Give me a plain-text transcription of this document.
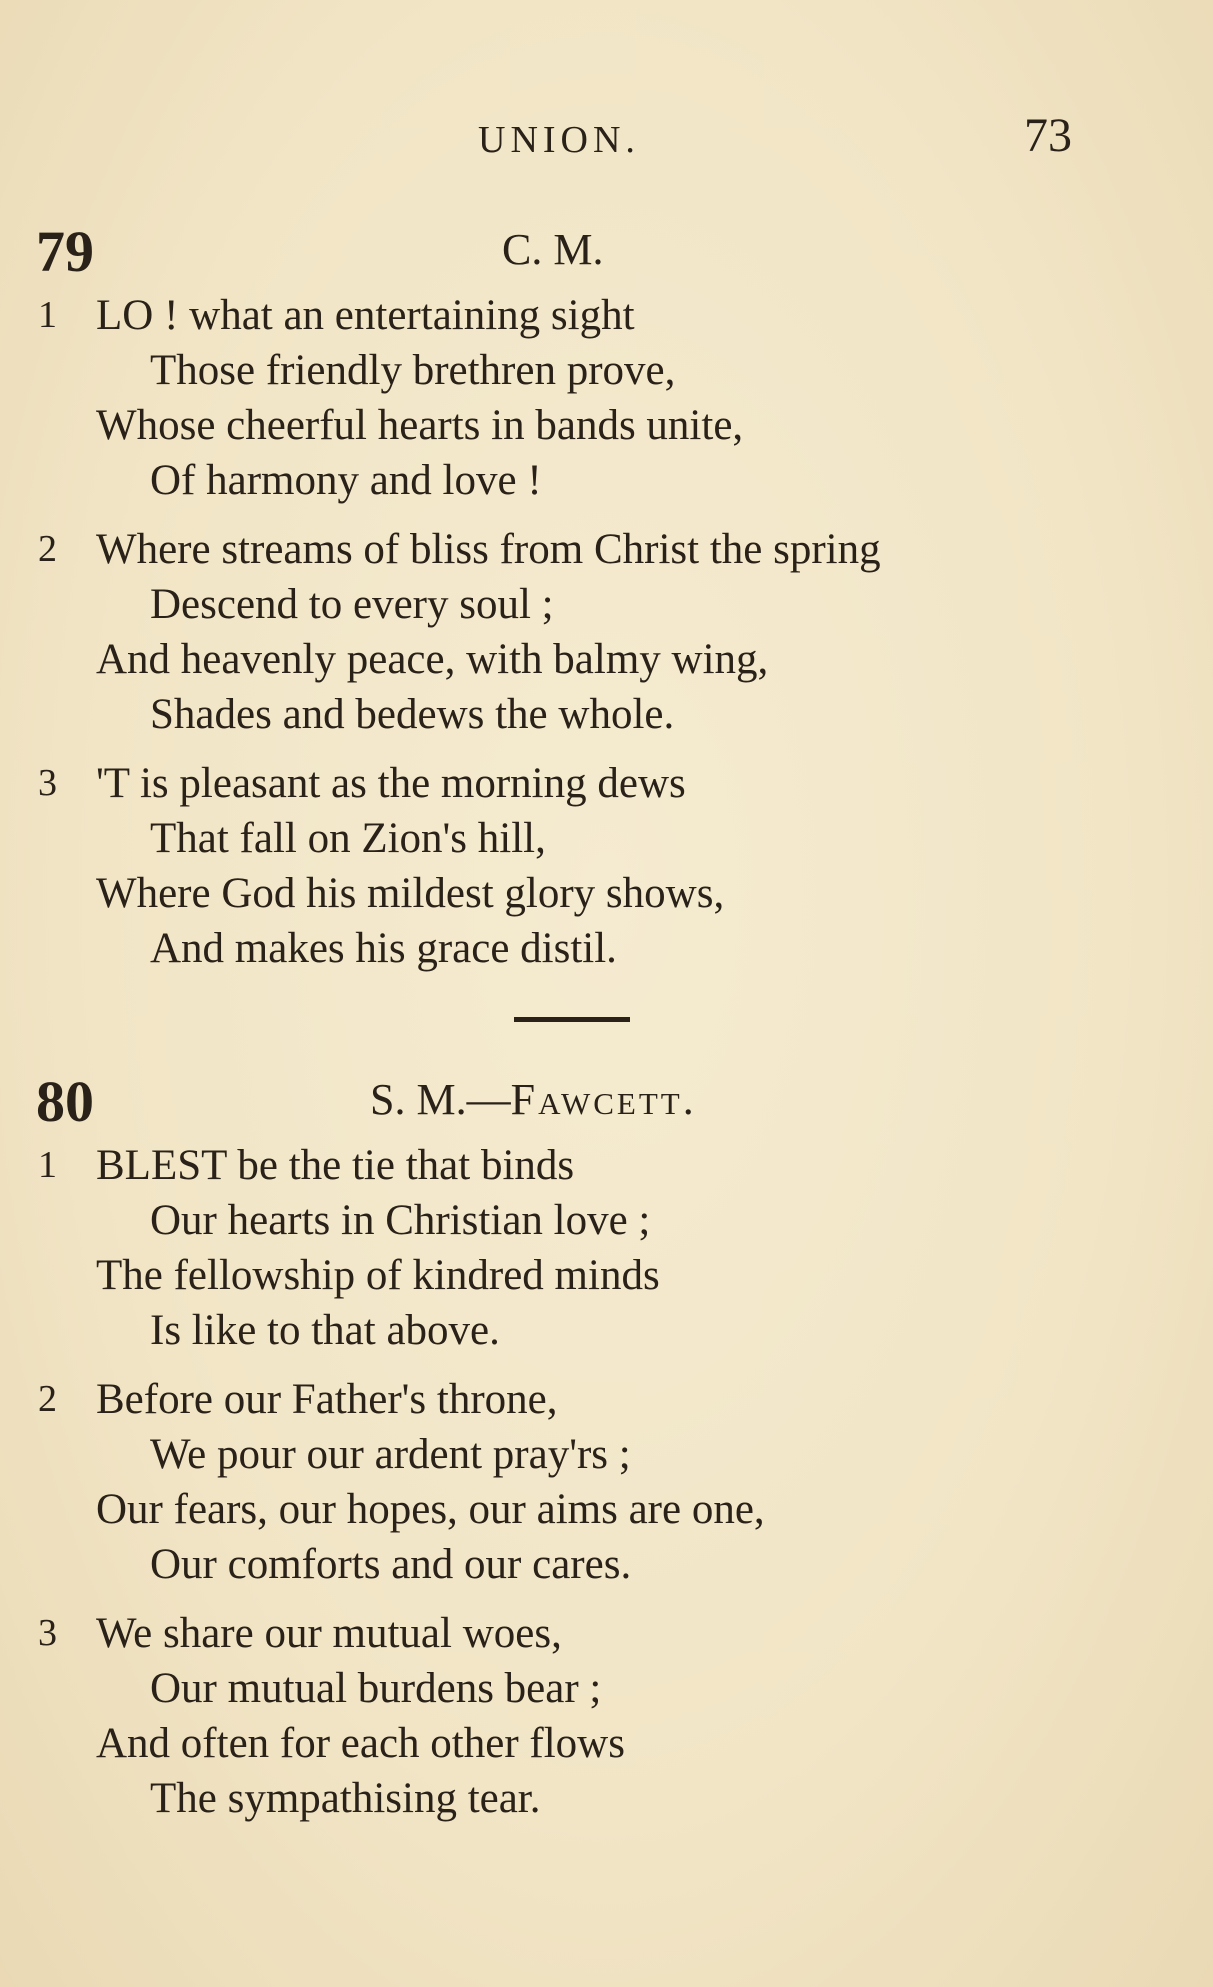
UNION.	73
79	C. M.
1 LO ! what an entertaining sight
Those friendly brethren prove,
Whose cheerful hearts in bands unite,
Of harmony and love !
2 Where streams of bliss from Christ the spring
Descend to every soul ;
And heavenly peace, with balmy wing,
Shades and bedews the whole.
3 'T is pleasant as the morning dews
That fall on Zion's hill,
Where God his mildest glory shows,
And makes his grace distil.
80	S. M.—Fawcett.
1 BLEST be the tie that binds
Our hearts in Christian love ;
The fellowship of kindred minds
Is like to that above.
2 Before our Father's throne,
We pour our ardent pray'rs ;
Our fears, our hopes, our aims are one,
Our comforts and our cares.
3 We share our mutual woes,
Our mutual burdens bear ;
And often for each other flows
The sympathising tear.
